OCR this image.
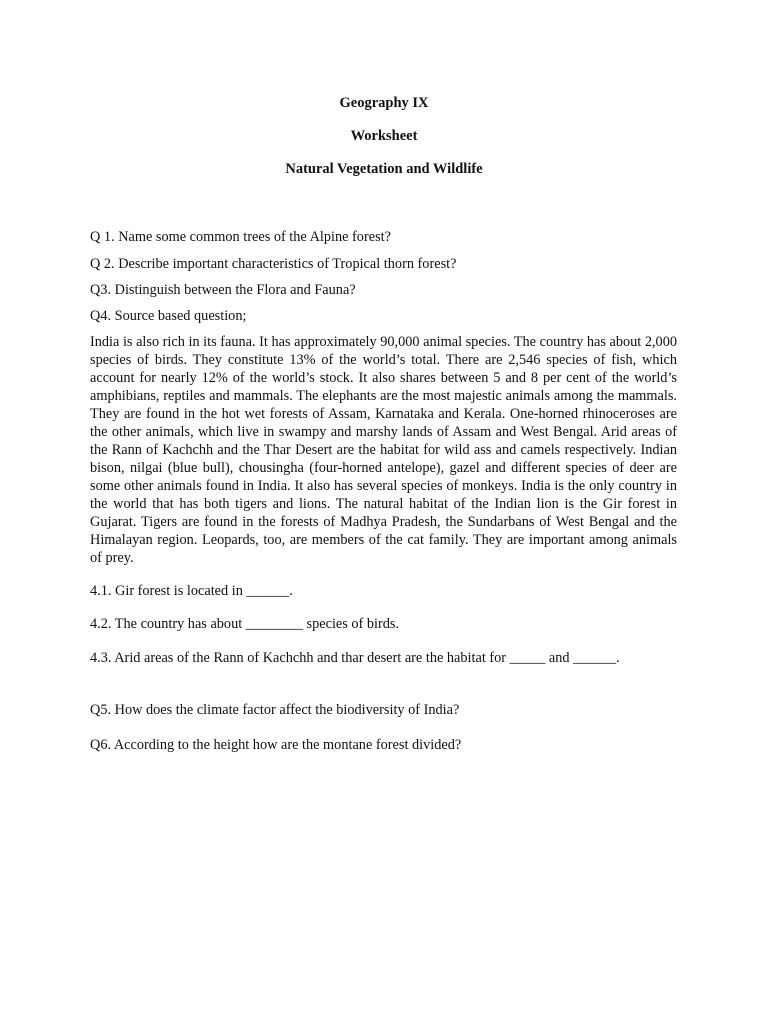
Geography IX
Worksheet
Natural Vegetation and Wildlife
Q 1. Name some common trees of the Alpine forest?
Q 2. Describe important characteristics of Tropical thorn forest?
Q3. Distinguish between the Flora and Fauna?
Q4. Source based question;
India is also rich in its fauna. It has approximately 90,000 animal species. The country has about 2,000 species of birds. They constitute 13% of the world’s total. There are 2,546 species of fish, which account for nearly 12% of the world’s stock. It also shares between 5 and 8 per cent of the world’s amphibians, reptiles and mammals. The elephants are the most majestic animals among the mammals. They are found in the hot wet forests of Assam, Karnataka and Kerala. One-horned rhinoceroses are the other animals, which live in swampy and marshy lands of Assam and West Bengal. Arid areas of the Rann of Kachchh and the Thar Desert are the habitat for wild ass and camels respectively. Indian bison, nilgai (blue bull), chousingha (four-horned antelope), gazel and different species of deer are some other animals found in India. It also has several species of monkeys. India is the only country in the world that has both tigers and lions. The natural habitat of the Indian lion is the Gir forest in Gujarat. Tigers are found in the forests of Madhya Pradesh, the Sundarbans of West Bengal and the Himalayan region. Leopards, too, are members of the cat family. They are important among animals of prey.
4.1. Gir forest is located in ______.
4.2. The country has about ________ species of birds.
4.3. Arid areas of the Rann of Kachchh and thar desert are the habitat for _____ and ______.
Q5. How does the climate factor affect the biodiversity of India?
Q6. According to the height how are the montane forest divided?
